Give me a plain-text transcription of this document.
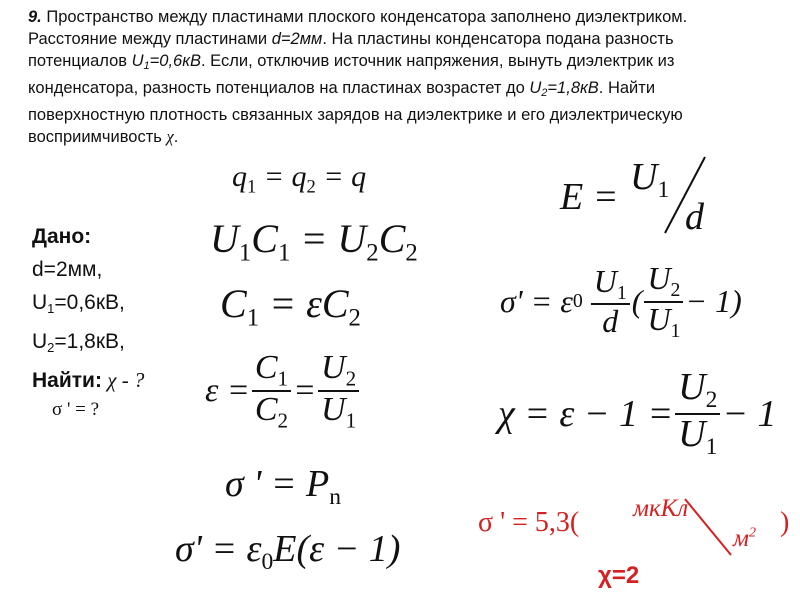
9. Пространство между пластинами плоского конденсатора заполнено диэлектриком.
Расстояние между пластинами d=2мм. На пластины конденсатора подана разность
потенциалов U1=0,6кВ. Если, отключив источник напряжения, вынуть диэлектрик из
конденсатора, разность потенциалов на пластинах возрастет до U2=1,8кВ. Найти
поверхностную плотность связанных зарядов на диэлектрике и его диэлектрическую
восприимчивость χ.
Дано:
d=2мм,
U1=0,6кВ,
U2=1,8кВ,
Найти: χ - ?
σ ' = ?
$q_1 = q_2 = q$
$U_1C_1 = U_2C_2$
$C_1 = \varepsilon C_2$
$\varepsilon = \frac{C_1}{C_2} = \frac{U_2}{U_1}$
σ ' = $P_n$
$\sigma' = \varepsilon_0E(\varepsilon - 1)$
$E = U_1$
d
σ' = ε $0 \frac{U_1}{d}$ ( $\frac{U_2}{U_1} - 1$)
$\chi = \varepsilon - 1 = \frac{U_2}{U_1} - 1$
σ ' = 5,3( мкКл
$м^2$ )
χ=2
